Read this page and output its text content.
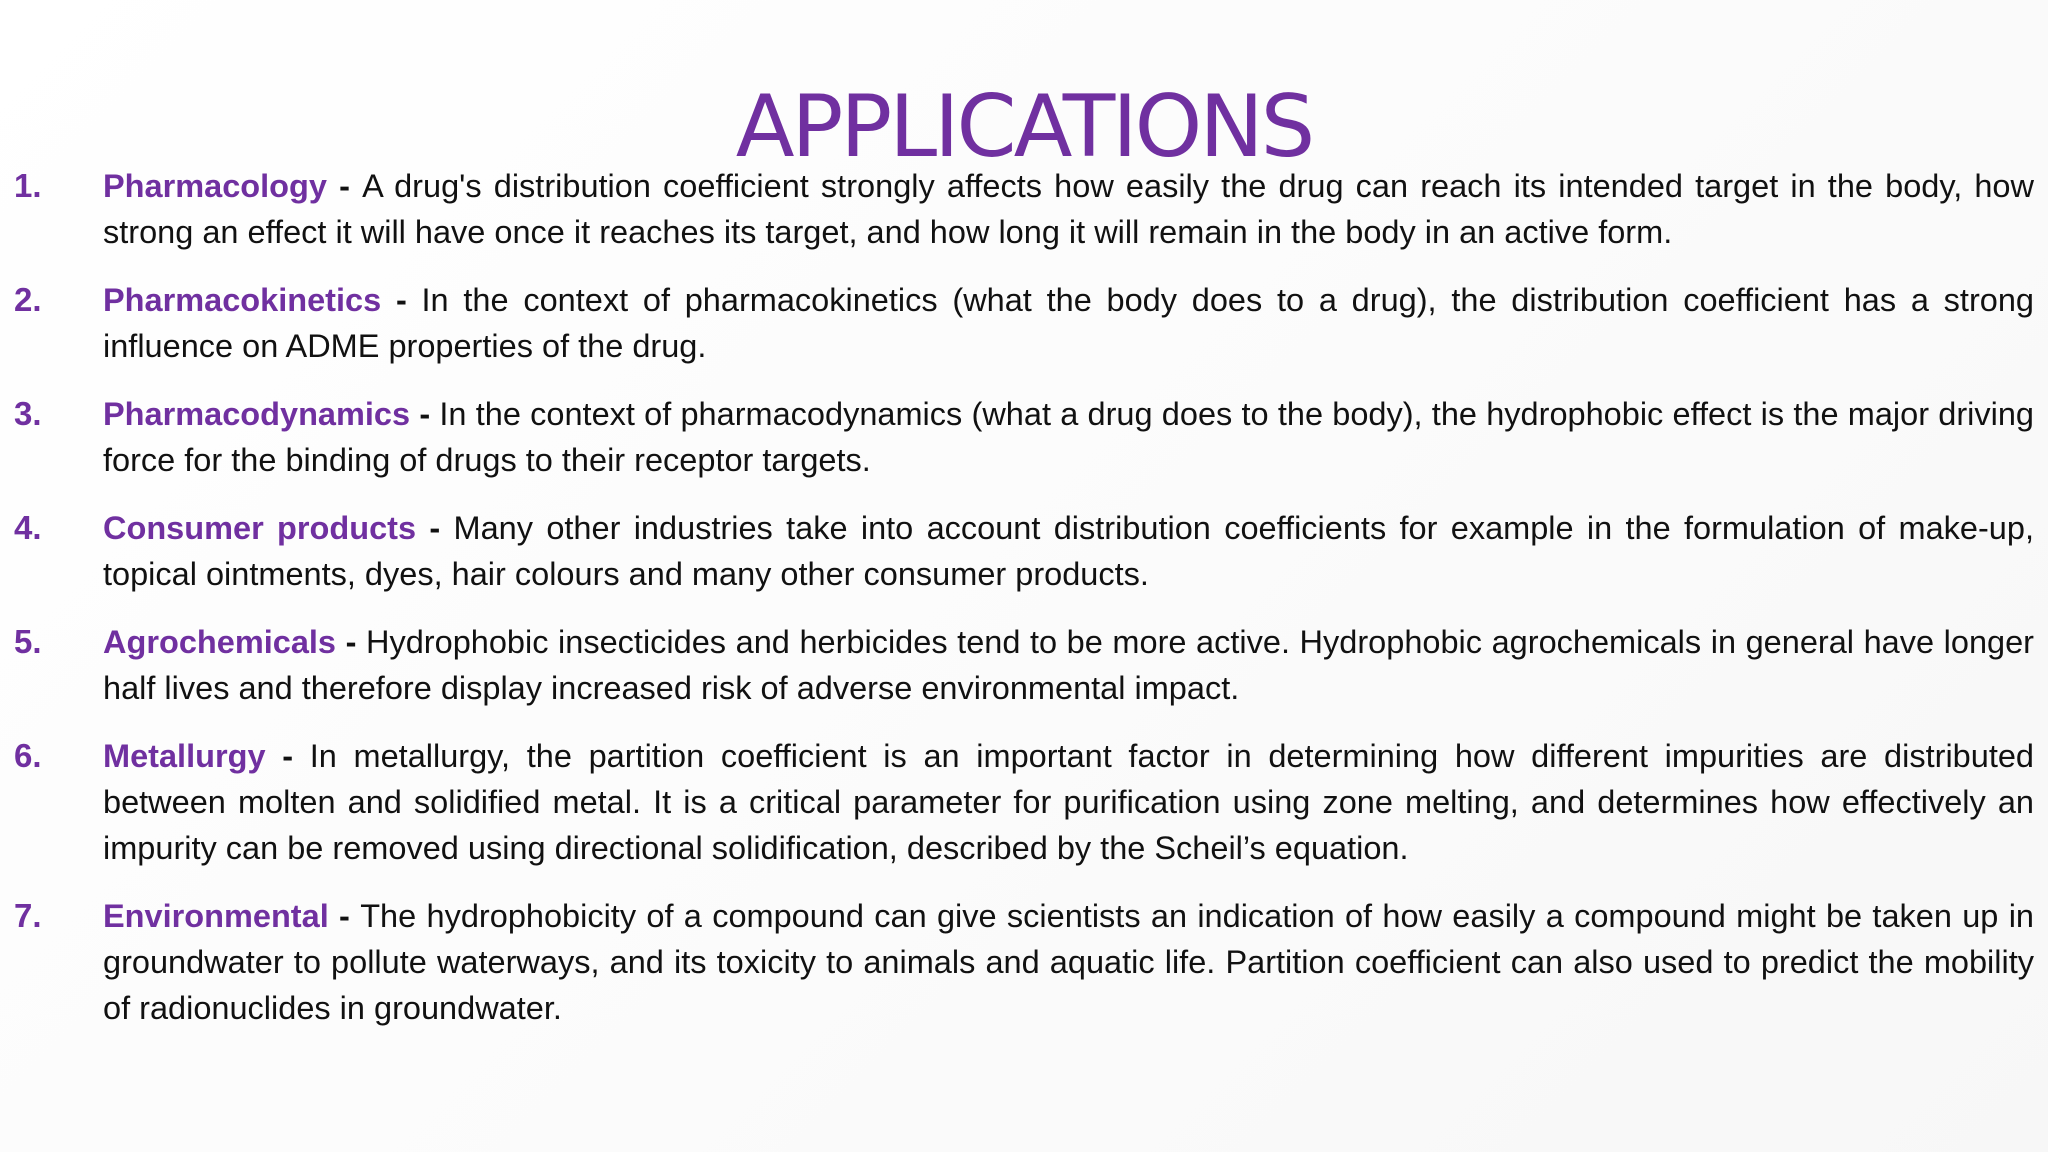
APPLICATIONS
1.	Pharmacology - A drug's distribution coefficient strongly affects how easily the drug can reach its intended target in the body, how strong an effect it will have once it reaches its target, and how long it will remain in the body in an active form.

2.	Pharmacokinetics - In the context of pharmacokinetics (what the body does to a drug), the distribution coefficient has a strong influence on ADME properties of the drug.

3.	Pharmacodynamics - In the context of pharmacodynamics (what a drug does to the body), the hydrophobic effect is the major driving force for the binding of drugs to their receptor targets.

4.	Consumer products - Many other industries take into account distribution coefficients for example in the formulation of make-up, topical ointments, dyes, hair colours and many other consumer products.

5.	Agrochemicals - Hydrophobic insecticides and herbicides tend to be more active. Hydrophobic agrochemicals in general have longer half lives and therefore display increased risk of adverse environmental impact.

6.	Metallurgy - In metallurgy, the partition coefficient is an important factor in determining how different impurities are distributed between molten and solidified metal. It is a critical parameter for purification using zone melting, and determines how effectively an impurity can be removed using directional solidification, described by the Scheil’s equation.

7.	Environmental - The hydrophobicity of a compound can give scientists an indication of how easily a compound might be taken up in groundwater to pollute waterways, and its toxicity to animals and aquatic life. Partition coefficient can also used to predict the mobility of radionuclides in groundwater.
